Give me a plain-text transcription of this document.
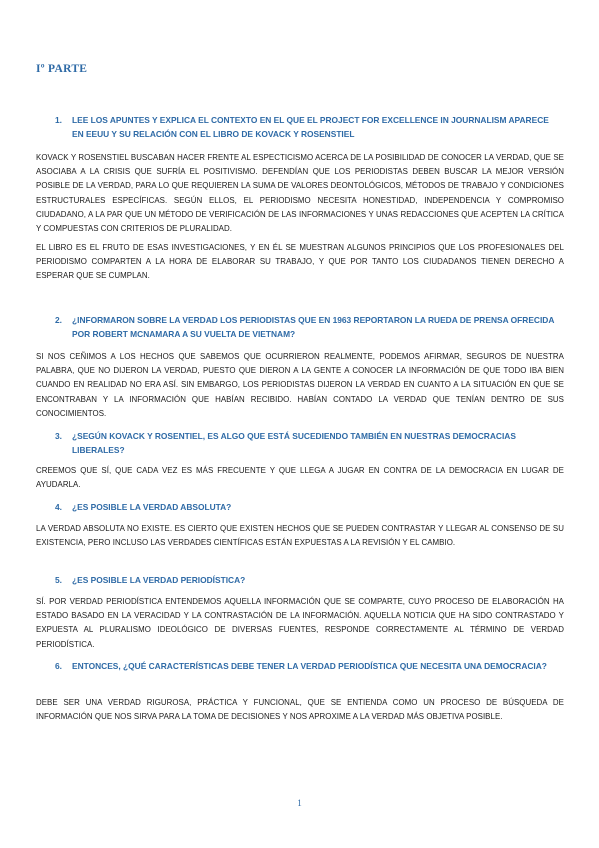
Iº PARTE
1.	LEE LOS APUNTES Y EXPLICA EL CONTEXTO EN EL QUE EL PROJECT FOR EXCELLENCE IN JOURNALISM APARECE EN EEUU Y SU RELACIÓN CON EL LIBRO DE KOVACK Y ROSENSTIEL
KOVACK Y ROSENSTIEL BUSCABAN HACER FRENTE AL ESPECTICISMO ACERCA DE LA POSIBILIDAD DE CONOCER LA VERDAD, QUE SE ASOCIABA A LA CRISIS QUE SUFRÍA EL POSITIVISMO. DEFENDÍAN QUE LOS PERIODISTAS DEBEN BUSCAR LA MEJOR VERSIÓN POSIBLE DE LA VERDAD, PARA LO QUE REQUIEREN LA SUMA DE VALORES DEONTOLÓGICOS, MÉTODOS DE TRABAJO Y CONDICIONES ESTRUCTURALES ESPECÍFICAS. SEGÚN ELLOS, EL PERIODISMO NECESITA HONESTIDAD, INDEPENDENCIA Y COMPROMISO CIUDADANO, A LA PAR QUE UN MÉTODO DE VERIFICACIÓN DE LAS INFORMACIONES Y UNAS REDACCIONES QUE ACEPTEN LA CRÍTICA Y COMPUESTAS CON CRITERIOS DE PLURALIDAD.
EL LIBRO ES EL FRUTO DE ESAS INVESTIGACIONES, Y EN ÉL SE MUESTRAN ALGUNOS PRINCIPIOS QUE LOS PROFESIONALES DEL PERIODISMO COMPARTEN A LA HORA DE ELABORAR SU TRABAJO, Y QUE POR TANTO LOS CIUDADANOS TIENEN DERECHO A ESPERAR QUE SE CUMPLAN.
2.	¿INFORMARON SOBRE LA VERDAD LOS PERIODISTAS QUE EN 1963 REPORTARON LA RUEDA DE PRENSA OFRECIDA POR ROBERT MCNAMARA A SU VUELTA DE VIETNAM?
SI NOS CEÑIMOS A LOS HECHOS QUE SABEMOS QUE OCURRIERON REALMENTE, PODEMOS AFIRMAR, SEGUROS DE NUESTRA PALABRA, QUE NO DIJERON LA VERDAD, PUESTO QUE DIERON A LA GENTE A CONOCER LA INFORMACIÓN DE QUE TODO IBA BIEN CUANDO EN REALIDAD NO ERA ASÍ. SIN EMBARGO, LOS PERIODISTAS DIJERON LA VERDAD EN CUANTO A LA SITUACIÓN EN QUE SE ENCONTRABAN Y LA INFORMACIÓN QUE HABÍAN RECIBIDO. HABÍAN CONTADO LA VERDAD QUE TENÍAN DENTRO DE SUS CONOCIMIENTOS.
3.	¿SEGÚN KOVACK Y ROSENTIEL, ES ALGO QUE ESTÁ SUCEDIENDO TAMBIÉN EN NUESTRAS DEMOCRACIAS LIBERALES?
CREEMOS QUE SÍ, QUE CADA VEZ ES MÁS FRECUENTE Y QUE LLEGA A JUGAR EN CONTRA DE LA DEMOCRACIA EN LUGAR DE AYUDARLA.
4.	¿ES POSIBLE LA VERDAD ABSOLUTA?
LA VERDAD ABSOLUTA NO EXISTE. ES CIERTO QUE EXISTEN HECHOS QUE SE PUEDEN CONTRASTAR Y LLEGAR AL CONSENSO DE SU EXISTENCIA, PERO INCLUSO LAS VERDADES CIENTÍFICAS ESTÁN EXPUESTAS A LA REVISIÓN Y EL CAMBIO.
5.	¿ES POSIBLE LA VERDAD PERIODÍSTICA?
SÍ. POR VERDAD PERIODÍSTICA ENTENDEMOS AQUELLA INFORMACIÓN QUE SE COMPARTE, CUYO PROCESO DE ELABORACIÓN HA ESTADO BASADO EN LA VERACIDAD Y LA CONTRASTACIÓN DE LA INFORMACIÓN. AQUELLA NOTICIA QUE HA SIDO CONTRASTADO Y EXPUESTA AL PLURALISMO IDEOLÓGICO DE DIVERSAS FUENTES, RESPONDE CORRECTAMENTE AL TÉRMINO DE VERDAD PERIODÍSTICA.
6.	ENTONCES, ¿QUÉ CARACTERÍSTICAS DEBE TENER LA VERDAD PERIODÍSTICA QUE NECESITA UNA DEMOCRACIA?
DEBE SER UNA VERDAD RIGUROSA, PRÁCTICA Y FUNCIONAL, QUE SE ENTIENDA COMO UN PROCESO DE BÚSQUEDA DE INFORMACIÓN QUE NOS SIRVA PARA LA TOMA DE DECISIONES Y NOS APROXIME A LA VERDAD MÁS OBJETIVA POSIBLE.
1
